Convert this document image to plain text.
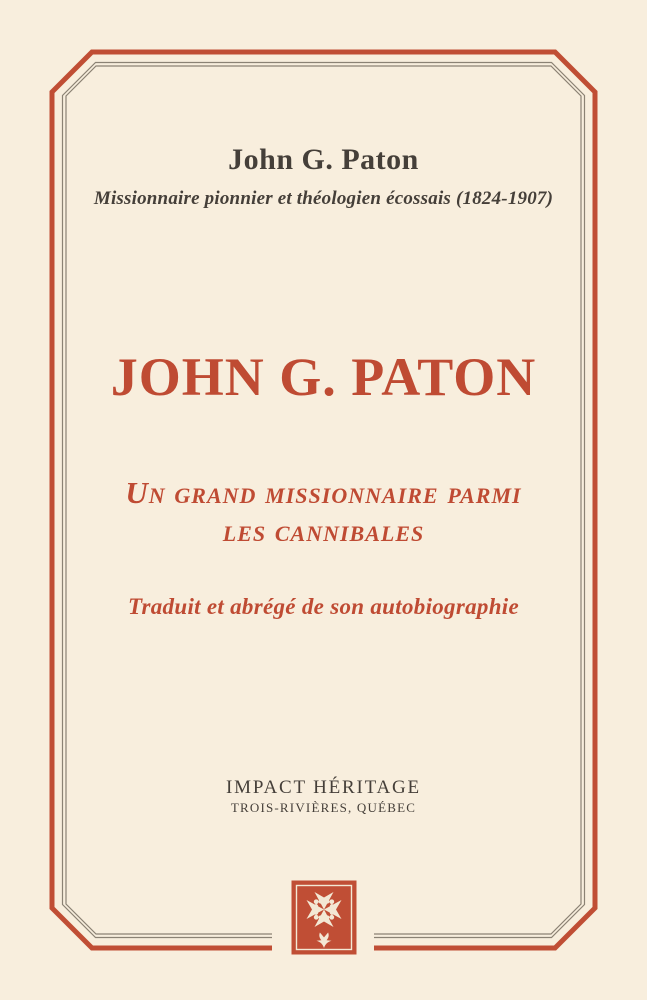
John G. Paton
Missionnaire pionnier et théologien écossais (1824-1907)
JOHN G. PATON
Un grand missionnaire parmi
les cannibales
Traduit et abrégé de son autobiographie
IMPACT HÉRITAGE
TROIS-RIVIÈRES, QUÉBEC
